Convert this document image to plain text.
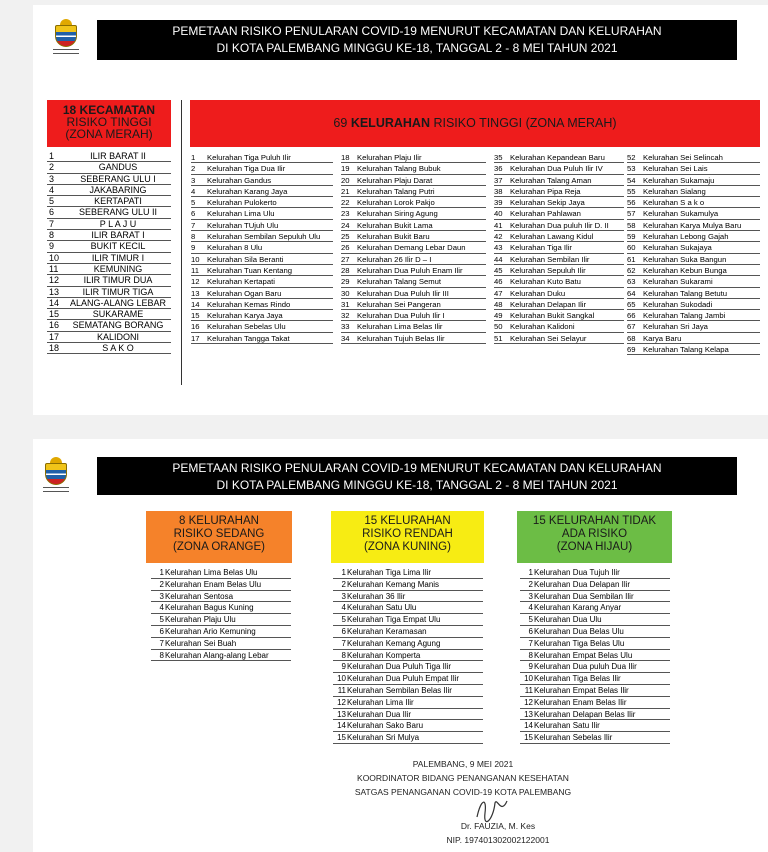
PEMETAAN RISIKO PENULARAN COVID-19 MENURUT KECAMATAN DAN KELURAHAN
DI KOTA PALEMBANG MINGGU KE-18, TANGGAL 2 - 8 MEI TAHUN 2021
18 KECAMATAN
RISIKO TINGGI
(ZONA MERAH)
1	ILIR BARAT II
2	GANDUS
3	SEBERANG ULU I
4	JAKABARING
5	KERTAPATI
6	SEBERANG ULU II
7	P L A J U
8	ILIR BARAT I
9	BUKIT KECIL
10	ILIR TIMUR I
11	KEMUNING
12	ILIR TIMUR DUA
13	ILIR TIMUR TIGA
14	ALANG-ALANG LEBAR
15	SUKARAME
16	SEMATANG BORANG
17	KALIDONI
18	S A K O
69 KELURAHAN RISIKO TINGGI (ZONA MERAH)
1	Kelurahan Tiga Puluh Ilir
2	Kelurahan Tiga Dua Ilir
3	Kelurahan Gandus
4	Kelurahan Karang Jaya
5	Kelurahan Pulokerto
6	Kelurahan Lima Ulu
7	Kelurahan TUjuh Ulu
8	Kelurahan Sembilan Sepuluh Ulu
9	Kelurahan 8 Ulu
10 Kelurahan Sila Beranti
11	Kelurahan Tuan Kentang
12 Kelurahan Kertapati
13 Kelurahan Ogan Baru
14 Kelurahan Kemas Rindo
15 Kelurahan Karya Jaya
16 Kelurahan Sebelas Ulu
17 Kelurahan Tangga Takat
18 Kelurahan Plaju Ilir
19 Kelurahan Talang Bubuk
20 Kelurahan Plaju Darat
21 Kelurahan Talang Putri
22 Kelurahan Lorok Pakjo
23 Kelurahan Siring Agung
24 Kelurahan Bukit Lama
25 Kelurahan Bukit Baru
26 Kelurahan Demang Lebar Daun
27 Kelurahan 26 Ilir D – I
28 Kelurahan Dua Puluh Enam Ilir
29 Kelurahan Talang Semut
30 Kelurahan Dua Puluh Ilir III
31 Kelurahan Sei Pangeran
32 Kelurahan Dua Puluh Ilir I
33 Kelurahan Lima Belas Ilir
34 Kelurahan Tujuh Belas Ilir
35 Kelurahan Kepandean Baru
36 Kelurahan Dua Puluh Ilir IV
37 Kelurahan Talang Aman
38 Kelurahan Pipa Reja
39 Kelurahan Sekip Jaya
40 Kelurahan Pahlawan
41 Kelurahan Dua puluh Ilir D. II
42 Kelurahan Lawang Kidul
43 Kelurahan Tiga Ilir
44 Kelurahan Sembilan Ilir
45 Kelurahan Sepuluh Ilir
46 Kelurahan Kuto Batu
47 Kelurahan Duku
48 Kelurahan Delapan Ilir
49 Kelurahan Bukit Sangkal
50 Kelurahan Kalidoni
51 Kelurahan Sei Selayur
52 Kelurahan Sei Selincah
53 Kelurahan Sei Lais
54 Kelurahan Sukamaju
55 Kelurahan Sialang
56 Kelurahan S a k o
57 Kelurahan Sukamulya
58 Kelurahan Karya Mulya Baru
59 Kelurahan Lebong Gajah
60 Kelurahan Sukajaya
61 Kelurahan Suka Bangun
62 Kelurahan Kebun Bunga
63 Kelurahan Sukarami
64 Kelurahan Talang Betutu
65 Kelurahan Sukodadi
66 Kelurahan Talang Jambi
67 Kelurahan Sri Jaya
68 Karya Baru
69 Kelurahan Talang Kelapa
PEMETAAN RISIKO PENULARAN COVID-19 MENURUT KECAMATAN DAN KELURAHAN
DI KOTA PALEMBANG MINGGU KE-18, TANGGAL 2 - 8 MEI TAHUN 2021
8 KELURAHAN
RISIKO SEDANG
(ZONA ORANGE)
1 Kelurahan Lima Belas Ulu
2 Kelurahan Enam Belas Ulu
3 Kelurahan Sentosa
4 Kelurahan Bagus Kuning
5 Kelurahan Plaju Ulu
6 Kelurahan Ario Kemuning
7 Kelurahan Sei Buah
8 Kelurahan Alang-alang Lebar
15 KELURAHAN
RISIKO RENDAH
(ZONA KUNING)
1 Kelurahan Tiga Lima Ilir
2 Kelurahan Kemang Manis
3 Kelurahan 36 Ilir
4 Kelurahan Satu Ulu
5 Kelurahan Tiga Empat Ulu
6 Kelurahan Keramasan
7 Kelurahan Kemang Agung
8 Kelurahan Komperta
9 Kelurahan Dua Puluh Tiga Ilir
10 Kelurahan Dua Puluh Empat Ilir
11 Kelurahan Sembilan Belas Ilir
12 Kelurahan Lima Ilir
13 Kelurahan Dua Ilir
14 Kelurahan Sako Baru
15 Kelurahan Sri Mulya
15 KELURAHAN TIDAK
ADA RISIKO
(ZONA HIJAU)
1 Kelurahan Dua Tujuh Ilir
2 Kelurahan Dua Delapan Ilir
3 Kelurahan Dua Sembilan Ilir
4 Kelurahan Karang Anyar
5 Kelurahan Dua Ulu
6 Kelurahan Dua Belas Ulu
7 Kelurahan Tiga Belas Ulu
8 Kelurahan Empat Belas Ulu
9 Kelurahan Dua puluh Dua Ilir
10 Kelurahan Tiga Belas Ilir
11 Kelurahan Empat Belas Ilir
12 Kelurahan Enam Belas Ilir
13 Kelurahan Delapan Belas Ilir
14 Kelurahan Satu Ilir
15 Kelurahan Sebelas Ilir
PALEMBANG, 9 MEI 2021
KOORDINATOR BIDANG PENANGANAN KESEHATAN
SATGAS PENANGANAN COVID-19 KOTA PALEMBANG
Dr. FAUZIA, M. Kes
NIP. 197401302002122001
